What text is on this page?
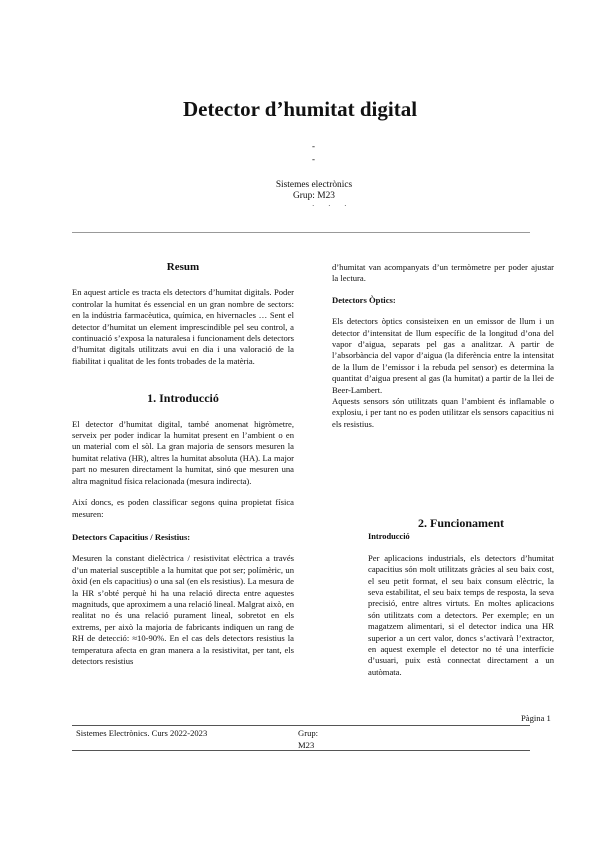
Detector d’humitat digital
-
-
Sistemes electrònics
Grup: M23
· · ·

Resum

En aquest article es tracta els detectors d’humitat digitals. Poder controlar la humitat és essencial en un gran nombre de sectors: en la indústria farmacèutica, química, en hivernacles … Sent el detector d’humitat un element imprescindible pel seu control, a continuació s’exposa la naturalesa i funcionament dels detectors d’humitat digitals utilitzats avui en dia i una valoració de la fiabilitat i qualitat de les fonts trobades de la matèria.

1. Introducció

El detector d’humitat digital, també anomenat higròmetre, serveix per poder indicar la humitat present en l’ambient o en un material com el sòl. La gran majoria de sensors mesuren la humitat relativa (HR), altres la humitat absoluta (HA). La major part no mesuren directament la humitat, sinó que mesuren una altra magnitud física relacionada (mesura indirecta).

Així doncs, es poden classificar segons quina propietat física mesuren:

Detectors Capacitius / Resistius:

Mesuren la constant dielèctrica / resistivitat elèctrica a través d’un material susceptible a la humitat que pot ser; polímèric, un òxid (en els capacitius) o una sal (en els resistius). La mesura de la HR s’obté perquè hi ha una relació directa entre aquestes magnituds, que aproximem a una relació lineal. Malgrat això, en realitat no és una relació purament lineal, sobretot en els extrems, per això la majoria de fabricants indiquen un rang de RH de detecció: ≈10-90%. En el cas dels detectors resistius la temperatura afecta en gran manera a la resistivitat, per tant, els detectors resistius

d’humitat van acompanyats d’un termòmetre per poder ajustar la lectura.

Detectors Òptics:

Els detectors òptics consisteixen en un emissor de llum i un detector d’intensitat de llum específic de la longitud d’ona del vapor d’aigua, separats pel gas a analitzar. A partir de l’absorbància del vapor d’aigua (la diferència entre la intensitat de la llum de l’emissor i la rebuda pel sensor) es determina la quantitat d’aigua present al gas (la humitat) a partir de la llei de Beer-Lambert.

Aquests sensors són utilitzats quan l’ambient és inflamable o explosiu, i per tant no es poden utilitzar els sensors capacitius ni els resistius.

2. Funcionament

Introducció

Per aplicacions industrials, els detectors d’humitat capacitius són molt utilitzats gràcies al seu baix cost, el seu petit format, el seu baix consum elèctric, la seva estabilitat, el seu baix temps de resposta, la seva precisió, entre altres virtuts. En moltes aplicacions són utilitzats com a detectors. Per exemple; en un magatzem alimentari, si el detector indica una HR superior a un cert valor, doncs s’activarà l’extractor, en aquest exemple el detector no té una interfície d’usuari, puix està connectat directament a un autòmata.

Pàgina 1
Sistemes Electrònics. Curs 2022-2023	Grup:
M23
